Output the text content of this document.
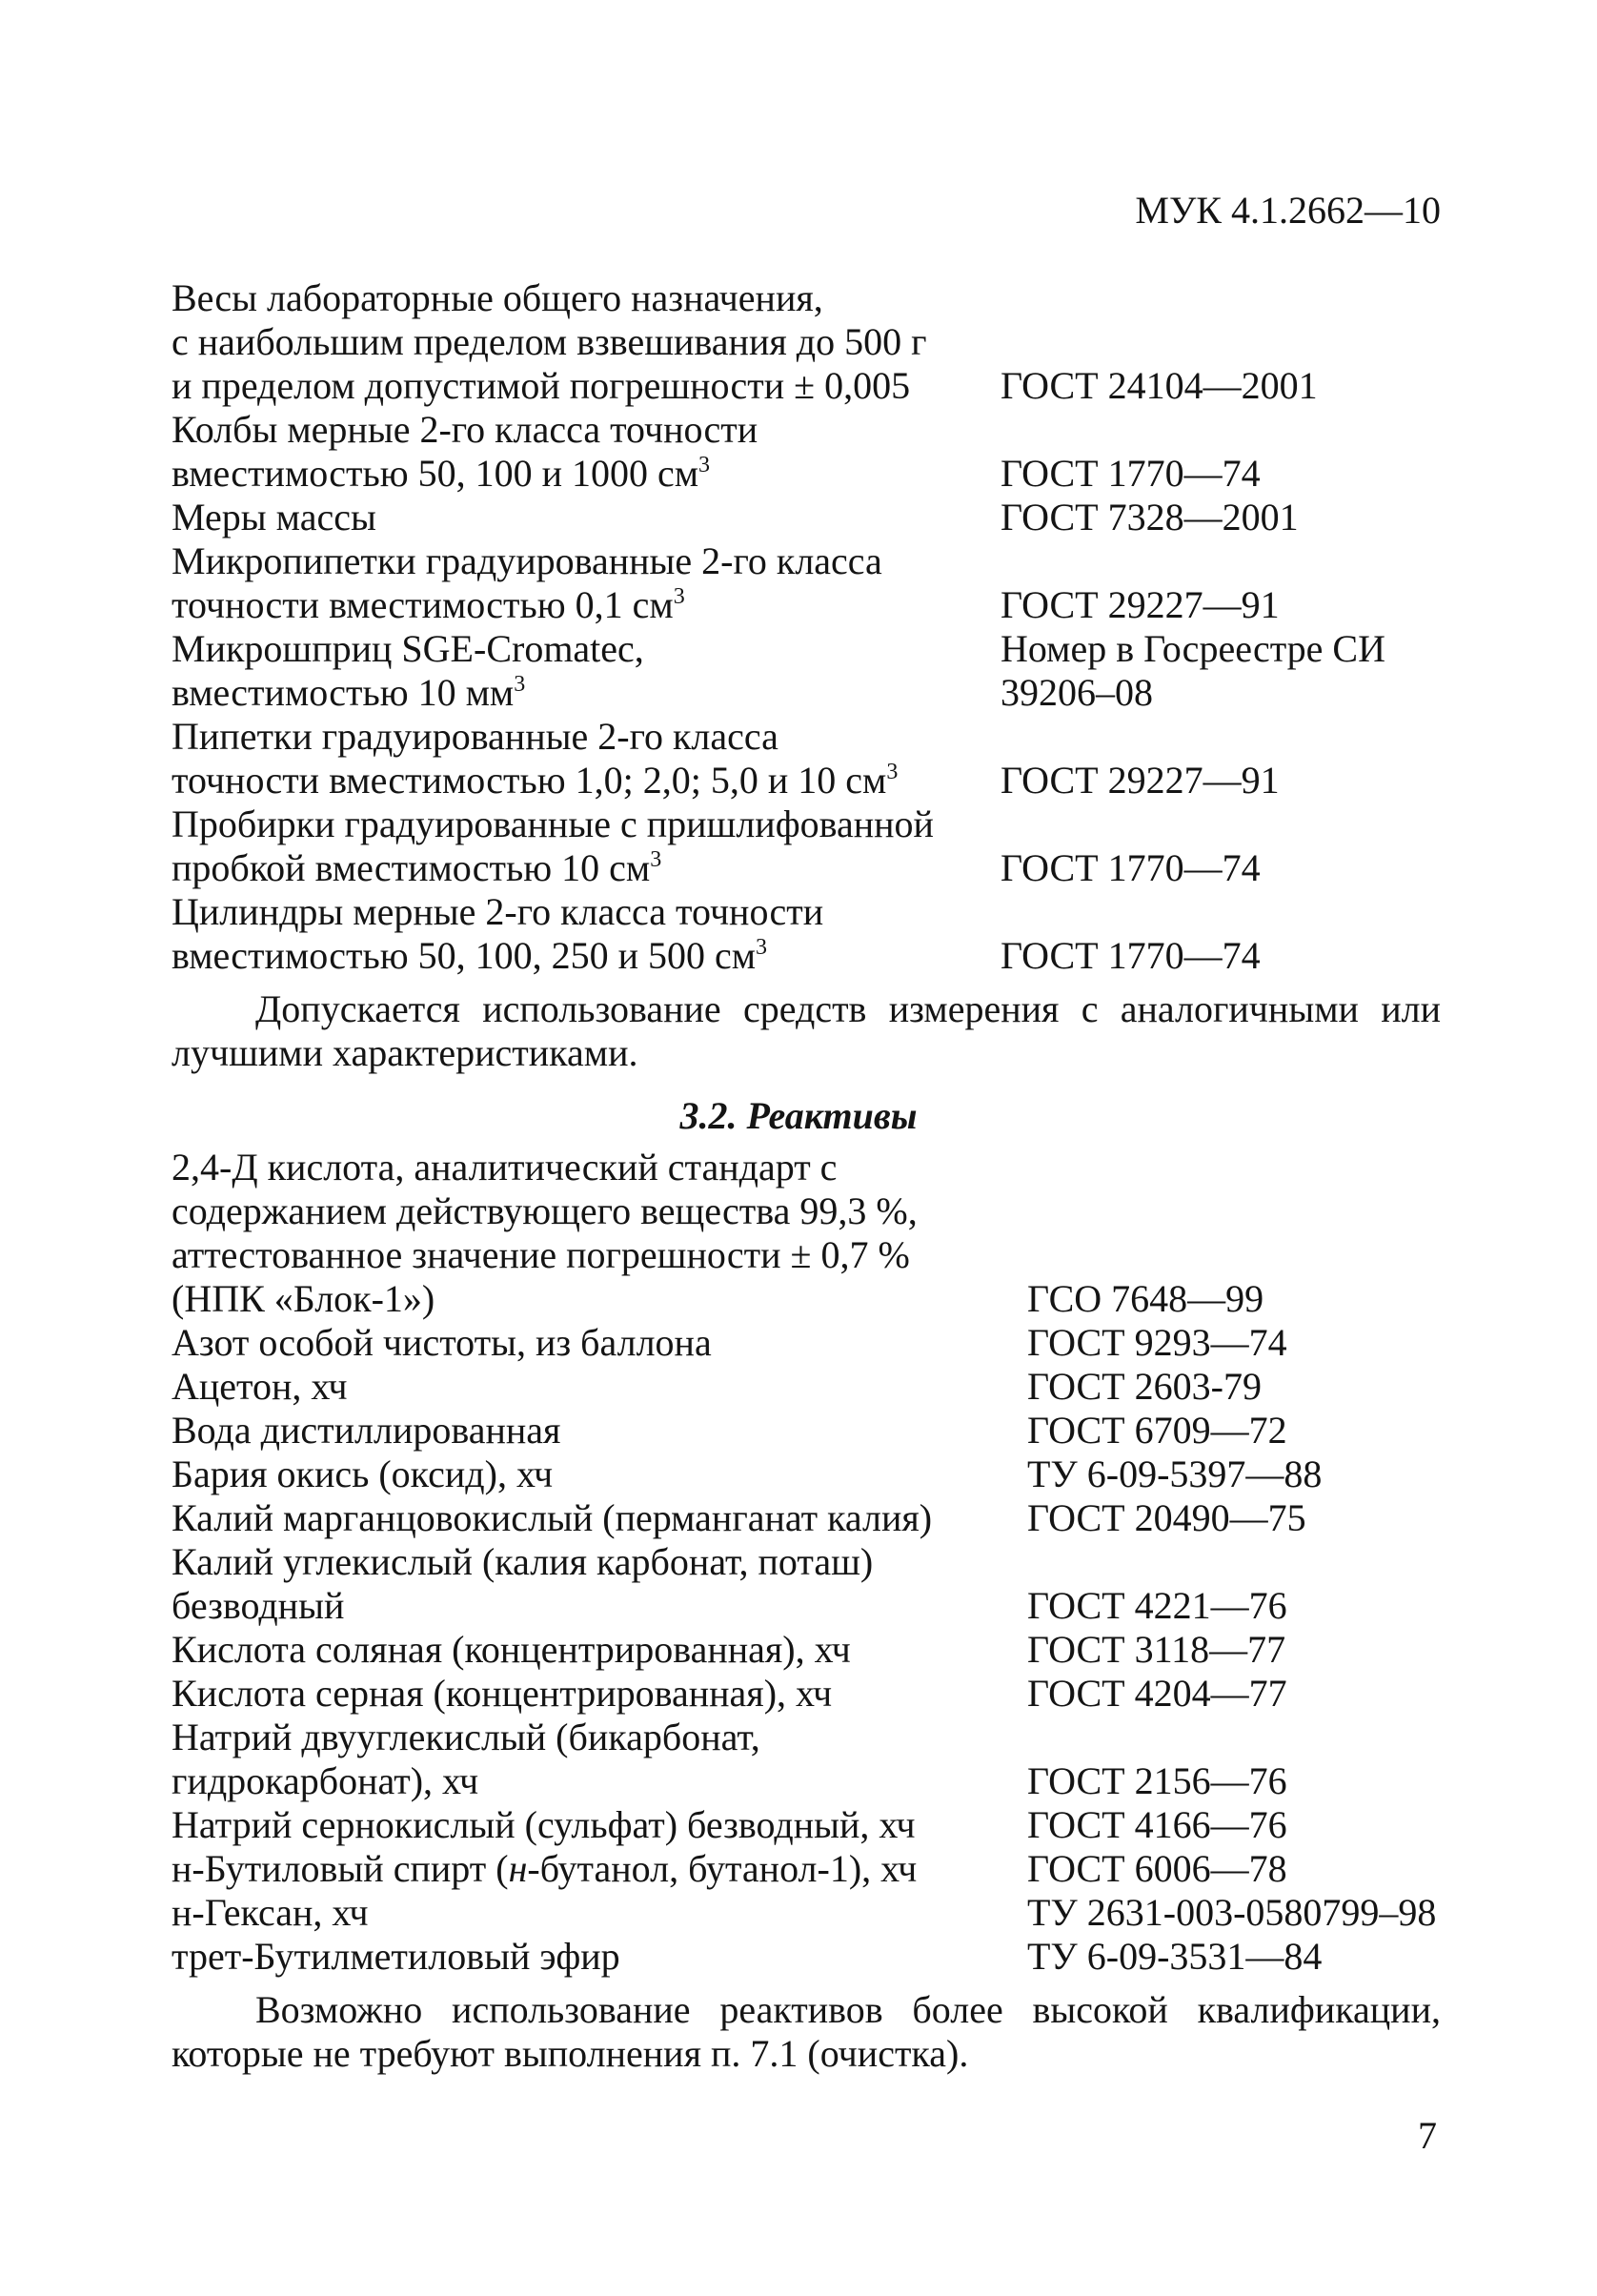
МУК 4.1.2662—10
Весы лабораторные общего назначения,
с наибольшим пределом взвешивания до 500 г
и пределом допустимой погрешности ± 0,005 ГОСТ 24104—2001
Колбы мерные 2-го класса точности
вместимостью 50, 100 и 1000 $см^3$	ГОСТ 1770—74
Меры массы	ГОСТ 7328—2001
Микропипетки градуированные 2-го класса
точности вместимостью 0,1 $см^3$	ГОСТ 29227—91
Микрошприц SGE-Cromatec,	Номер в Госреестре СИ
вместимостью 10 $мм^3$	39206–08
Пипетки градуированные 2-го класса
точности вместимостью 1,0; 2,0; 5,0 и 10 $см^3$	ГОСТ 29227—91
Пробирки градуированные с пришлифованной
пробкой вместимостью 10 $см^3$	ГОСТ 1770—74
Цилиндры мерные 2-го класса точности
вместимостью 50, 100, 250 и 500 $см^3$	ГОСТ 1770—74
Допускается использование средств измерения с аналогичными или лучшими характеристиками.
3.2. Реактивы
2,4-Д кислота, аналитический стандарт с
содержанием действующего вещества 99,3 %,
аттестованное значение погрешности ± 0,7 %
(НПК «Блок-1»)	ГСО 7648—99
Азот особой чистоты, из баллона	ГОСТ 9293—74
Ацетон, хч	ГОСТ 2603-79
Вода дистиллированная	ГОСТ 6709—72
Бария окись (оксид), хч	ТУ 6-09-5397—88
Калий марганцовокислый (перманганат калия) ГОСТ 20490—75
Калий углекислый (калия карбонат, поташ)
безводный	ГОСТ 4221—76
Кислота соляная (концентрированная), хч	ГОСТ 3118—77
Кислота серная (концентрированная), хч	ГОСТ 4204—77
Натрий двууглекислый (бикарбонат,
гидрокарбонат), хч	ГОСТ 2156—76
Натрий сернокислый (сульфат) безводный, хч	ГОСТ 4166—76
н-Бутиловый спирт (н-бутанол, бутанол-1), хч	ГОСТ 6006—78
н-Гексан, хч	ТУ 2631-003-0580799–98
трет-Бутилметиловый эфир	ТУ 6-09-3531—84
Возможно использование реактивов более высокой квалификации, которые не требуют выполнения п. 7.1 (очистка).
7
